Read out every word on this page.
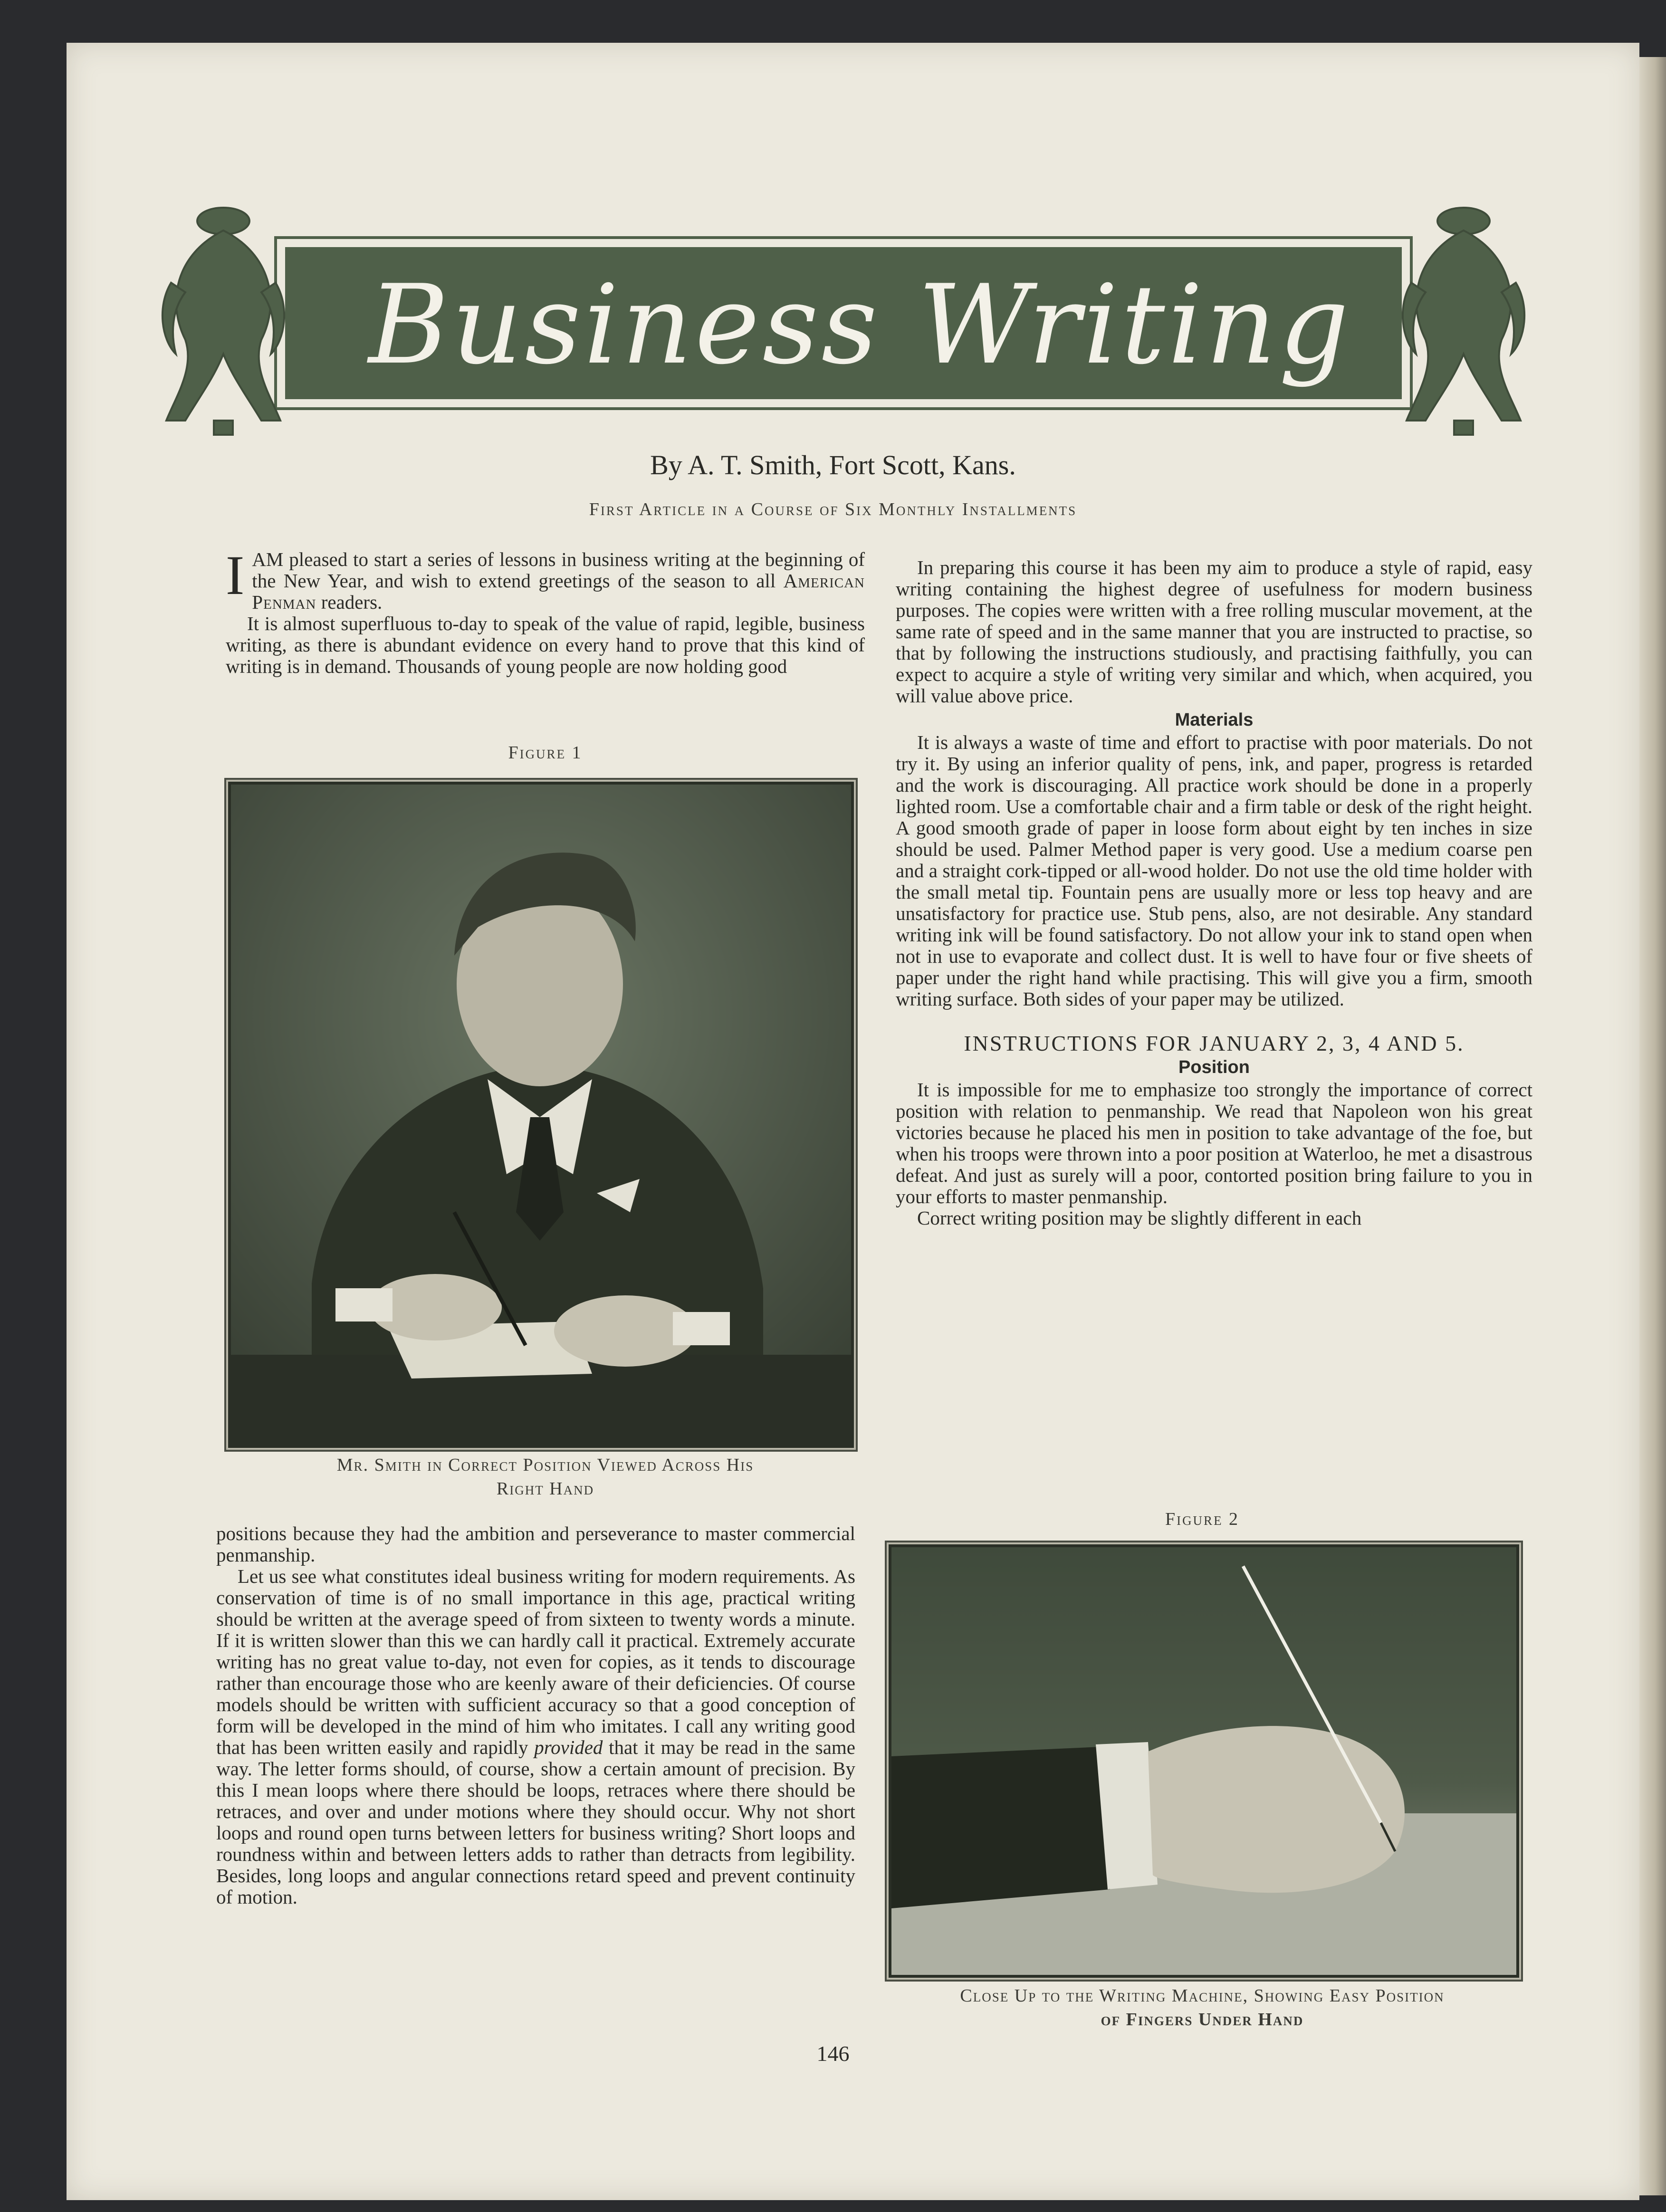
Business Writing
By A. T. Smith, Fort Scott, Kans.
First Article in a Course of Six Monthly Installments

IAM pleased to start a series of lessons in business writing at the beginning of the New Year, and wish to extend greetings of the season to all American Penman readers.

It is almost superfluous to-day to speak of the value of rapid, legible, business writing, as there is abundant evidence on every hand to prove that this kind of writing is in demand. Thousands of young people are now holding good

Figure 1
Mr. Smith in Correct Position Viewed Across His
Right Hand

positions because they had the ambition and perseverance to master commercial penmanship.

Let us see what constitutes ideal business writing for modern requirements. As conservation of time is of no small importance in this age, practical writing should be written at the average speed of from sixteen to twenty words a minute. If it is written slower than this we can hardly call it practical. Extremely accurate writing has no great value to-day, not even for copies, as it tends to discourage rather than encourage those who are keenly aware of their deficiencies. Of course models should be written with sufficient accuracy so that a good conception of form will be developed in the mind of him who imitates. I call any writing good that has been written easily and rapidly provided that it may be read in the same way. The letter forms should, of course, show a certain amount of precision. By this I mean loops where there should be loops, retraces where there should be retraces, and over and under motions where they should occur. Why not short loops and round open turns between letters for business writing? Short loops and roundness within and between letters adds to rather than detracts from legibility. Besides, long loops and angular connections retard speed and prevent continuity of motion.

In preparing this course it has been my aim to produce a style of rapid, easy writing containing the highest degree of usefulness for modern business purposes. The copies were written with a free rolling muscular movement, at the same rate of speed and in the same manner that you are instructed to practise, so that by following the instructions studiously, and practising faithfully, you can expect to acquire a style of writing very similar and which, when acquired, you will value above price.

Materials

It is always a waste of time and effort to practise with poor materials. Do not try it. By using an inferior quality of pens, ink, and paper, progress is retarded and the work is discouraging. All practice work should be done in a properly lighted room. Use a comfortable chair and a firm table or desk of the right height. A good smooth grade of paper in loose form about eight by ten inches in size should be used. Palmer Method paper is very good. Use a medium coarse pen and a straight cork-tipped or all-wood holder. Do not use the old time holder with the small metal tip. Fountain pens are usually more or less top heavy and are unsatisfactory for practice use. Stub pens, also, are not desirable. Any standard writing ink will be found satisfactory. Do not allow your ink to stand open when not in use to evaporate and collect dust. It is well to have four or five sheets of paper under the right hand while practising. This will give you a firm, smooth writing surface. Both sides of your paper may be utilized.

INSTRUCTIONS FOR JANUARY 2, 3, 4 AND 5.
Position

It is impossible for me to emphasize too strongly the importance of correct position with relation to penmanship. We read that Napoleon won his great victories because he placed his men in position to take advantage of the foe, but when his troops were thrown into a poor position at Waterloo, he met a disastrous defeat. And just as surely will a poor, contorted position bring failure to you in your efforts to master penmanship.

Correct writing position may be slightly different in each

Figure 2
Close Up to the Writing Machine, Showing Easy Position
of Fingers Under Hand
146
